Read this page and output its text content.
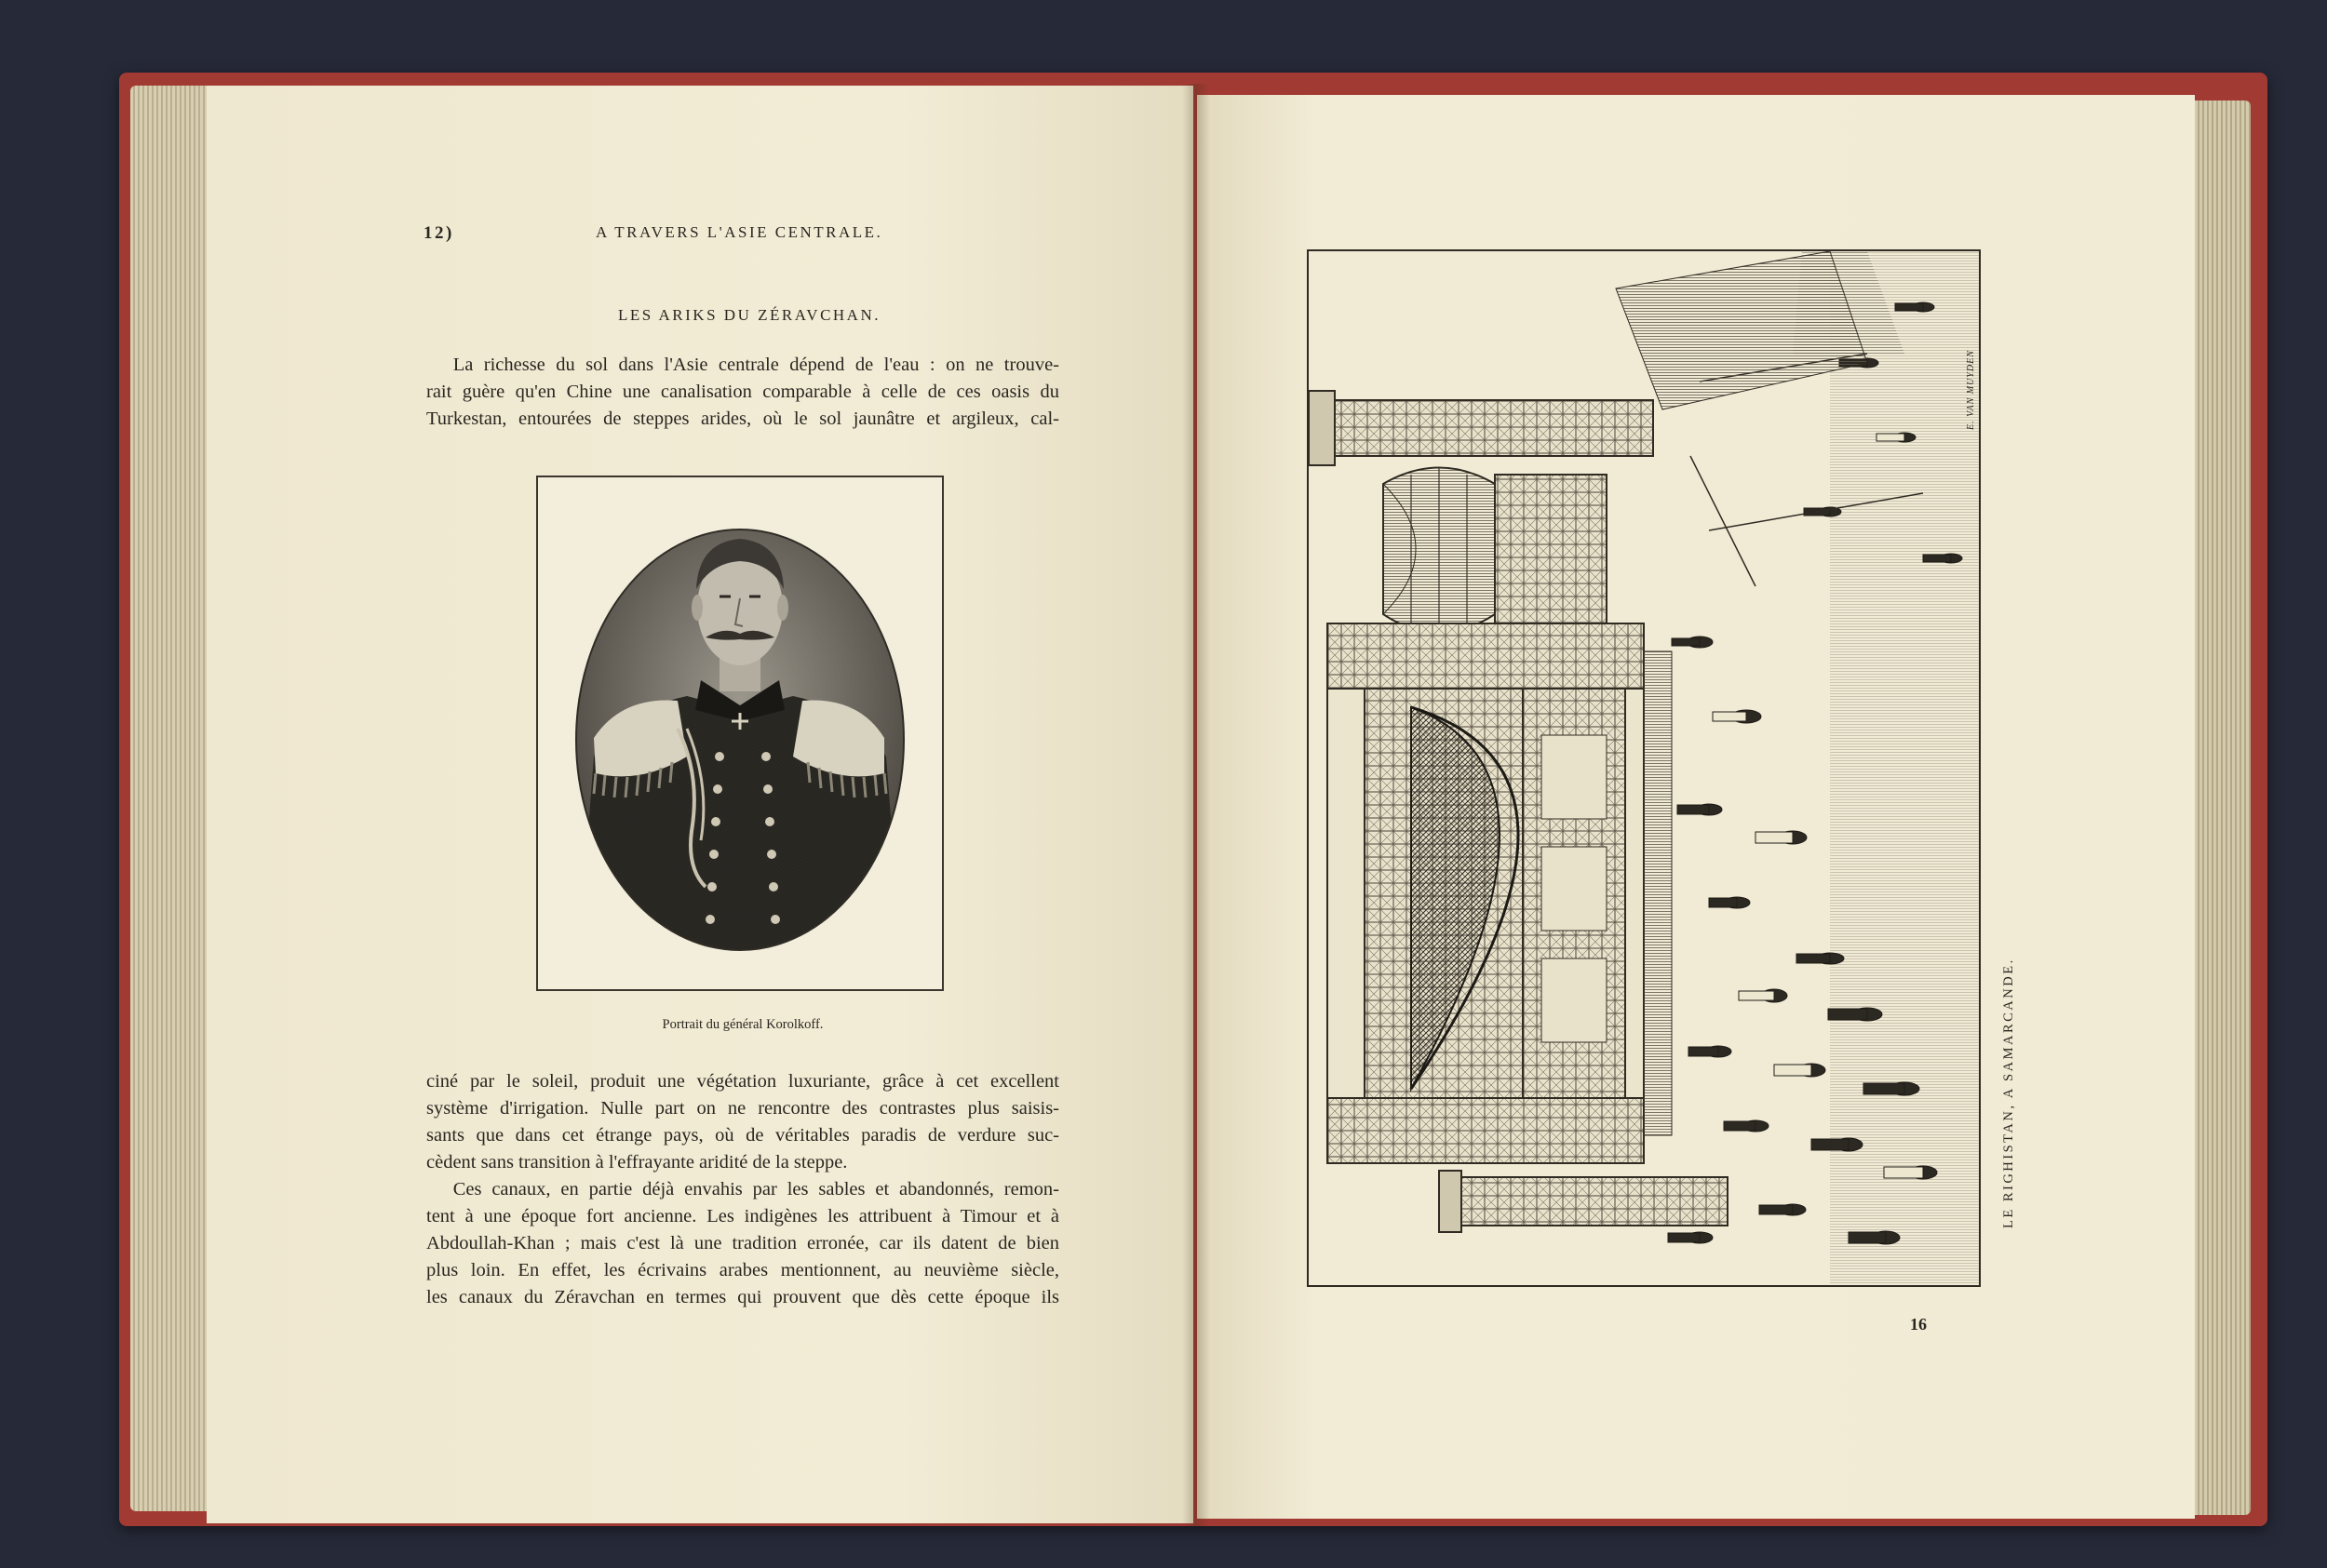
12)	A TRAVERS L'ASIE CENTRALE.
LES ARIKS DU ZÉRAVCHAN.
La richesse du sol dans l'Asie centrale dépend de l'eau : on ne trouve-
rait guère qu'en Chine une canalisation comparable à celle de ces oasis du
Turkestan, entourées de steppes arides, où le sol jaunâtre et argileux, cal-
Portrait du général Korolkoff.
ciné par le soleil, produit une végétation luxuriante, grâce à cet excellent
système d'irrigation. Nulle part on ne rencontre des contrastes plus saisis-
sants que dans cet étrange pays, où de véritables paradis de verdure suc-
cèdent sans transition à l'effrayante aridité de la steppe.
Ces canaux, en partie déjà envahis par les sables et abandonnés, remon-
tent à une époque fort ancienne. Les indigènes les attribuent à Timour et à
Abdoullah-Khan ; mais c'est là une tradition erronée, car ils datent de bien
plus loin. En effet, les écrivains arabes mentionnent, au neuvième siècle,
les canaux du Zéravchan en termes qui prouvent que dès cette époque ils
E. VAN MUYDEN
LE RIGHISTAN, A SAMARCANDE.
16
